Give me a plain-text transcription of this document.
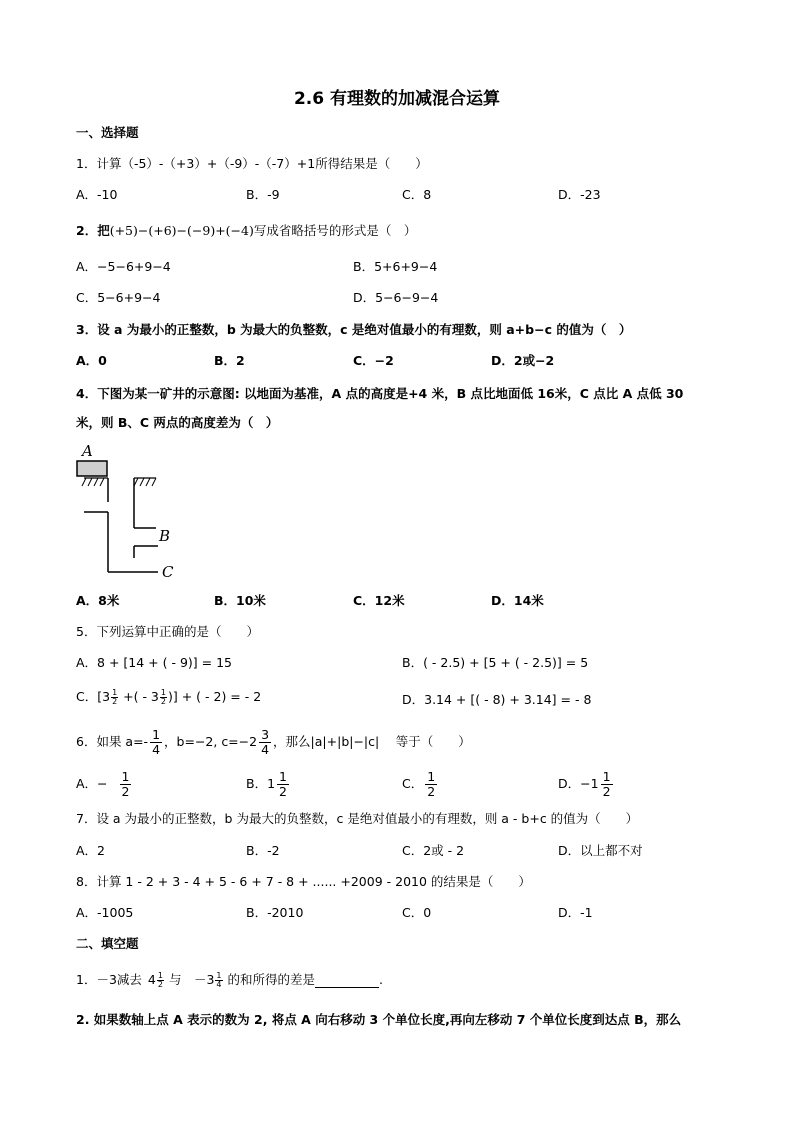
2.6 有理数的加减混合运算
一、选择题
1．计算（-5）-（+3）+（-9）-（-7）+1所得结果是（　　）
A．-10	B．-9	C．8	D．-23
2．把(+5)−(+6)−(−9)+(−4)写成省略括号的形式是（　）
A．−5−6+9−4	B．5+6+9−4
C．5−6+9−4	D．5−6−9−4
3．设 a 为最小的正整数，b 为最大的负整数，c 是绝对值最小的有理数，则 a+b−c 的值为（　）
A．0	B．2	C．−2	D．2或−2
4．下图为某一矿井的示意图: 以地面为基准，A 点的高度是+4 米，B 点比地面低 16米，C 点比 A 点低 30
米，则 B、C 两点的高度差为（　）
A
B
C
A．8米	B．10米	C．12米	D．14米
5．下列运算中正确的是（　　）
A．8 + [14 + ( - 9)] = 15	B．( - 2.5) + [5 + ( - 2.5)] = 5
C．[$3 \frac{1}{2}$ +( - $3 \frac{1}{2}$ )] + ( - 2) = - 2	D．3.14 + [( - 8) + 3.14] = - 8
6．如果 $a=- \frac{1}{4}$ ，b=−2, $c=-2 \frac{3}{4}$ ，那么|a|+|b|−|c|　 等于（　　）
A．− $\frac{1}{2}$	B．$1 \frac{1}{2}$	C． $\frac{1}{2}$	D．$-1 \frac{1}{2}$
7．设 a 为最小的正整数，b 为最大的负整数，c 是绝对值最小的有理数，则 a - b+c 的值为（　　）
A．2	B．-2	C．2或 - 2	D．以上都不对
8．计算 1 - 2 + 3 - 4 + 5 - 6 + 7 - 8 + ...... +2009 - 2010 的结果是（　　）
A．-1005	B．-2010	C．0	D．-1
二、填空题
1．－3减去 4 1
2 与　－3 1
4 的和所得的差是	.
2. 如果数轴上点 A 表示的数为 2, 将点 A 向右移动 3 个单位长度,再向左移动 7 个单位长度到达点 B，那么
